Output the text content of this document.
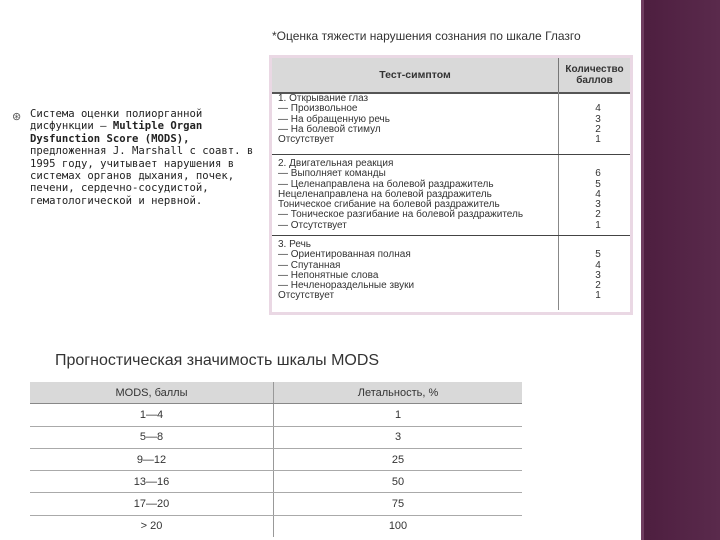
*Оценка тяжести нарушения сознания по шкале Глазго
⊛ Система оценки полиорганной дисфункции – Multiple Organ Dysfunction Score (MODS), предложенная J. Marshall с соавт. в 1995 году, учитывает нарушения в системах органов дыхания, почек, печени, сердечно-сосудистой, гематологической и нервной.
Тест-симптом	Количество
баллов
1. Открывание глаз
— Произвольное	4
— На обращенную речь	3
— На болевой стимул	2
Отсутствует	1
2. Двигательная реакция
— Выполняет команды	6
— Целенаправлена на болевой раздражитель	5
Нецеленаправлена на болевой раздражитель	4
Тоническое сгибание на болевой раздражитель	3
— Тоническое разгибание на болевой раздражитель	2
— Отсутствует	1
3. Речь
— Ориентированная полная	5
— Спутанная	4
— Непонятные слова	3
— Нечленораздельные звуки	2
Отсутствует	1
Прогностическая значимость шкалы MODS
MODS, баллы	Летальность, %
1—4	1
5—8	3
9—12	25
13—16	50
17—20	75
> 20	100
